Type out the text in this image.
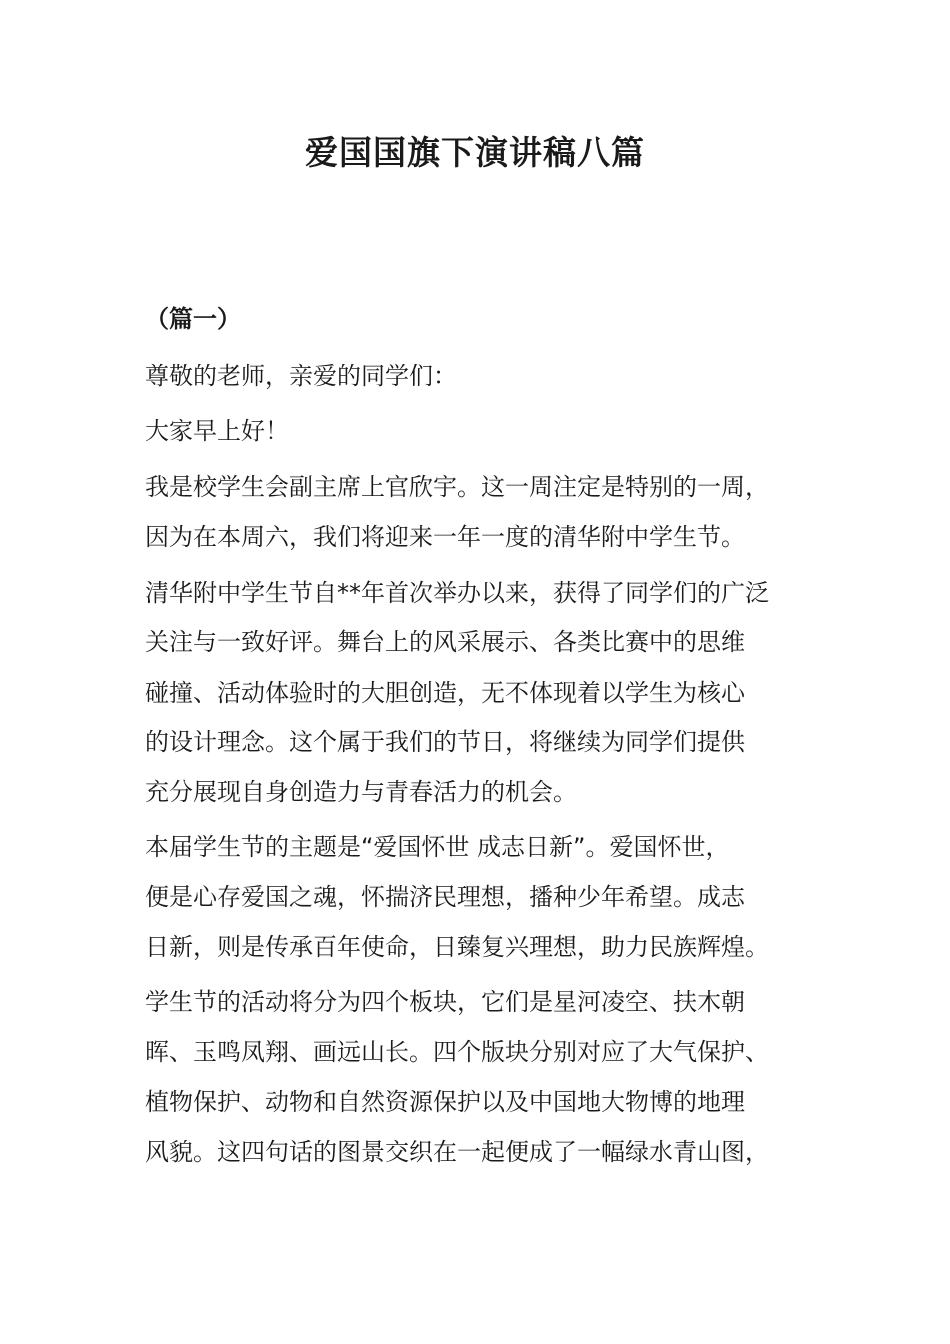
爱国国旗下演讲稿八篇
（篇一）
尊敬的老师，亲爱的同学们：
大家早上好！
我是校学生会副主席上官欣宇。这一周注定是特别的一周，
因为在本周六，我们将迎来一年一度的清华附中学生节。
清华附中学生节自**年首次举办以来，获得了同学们的广泛
关注与一致好评。舞台上的风采展示、各类比赛中的思维
碰撞、活动体验时的大胆创造，无不体现着以学生为核心
的设计理念。这个属于我们的节日，将继续为同学们提供
充分展现自身创造力与青春活力的机会。
本届学生节的主题是“爱国怀世 成志日新”。爱国怀世，
便是心存爱国之魂，怀揣济民理想，播种少年希望。成志
日新，则是传承百年使命，日臻复兴理想，助力民族辉煌。
学生节的活动将分为四个板块，它们是星河凌空、扶木朝
晖、玉鸣凤翔、画远山长。四个版块分别对应了大气保护、
植物保护、动物和自然资源保护以及中国地大物博的地理
风貌。这四句话的图景交织在一起便成了一幅绿水青山图，
